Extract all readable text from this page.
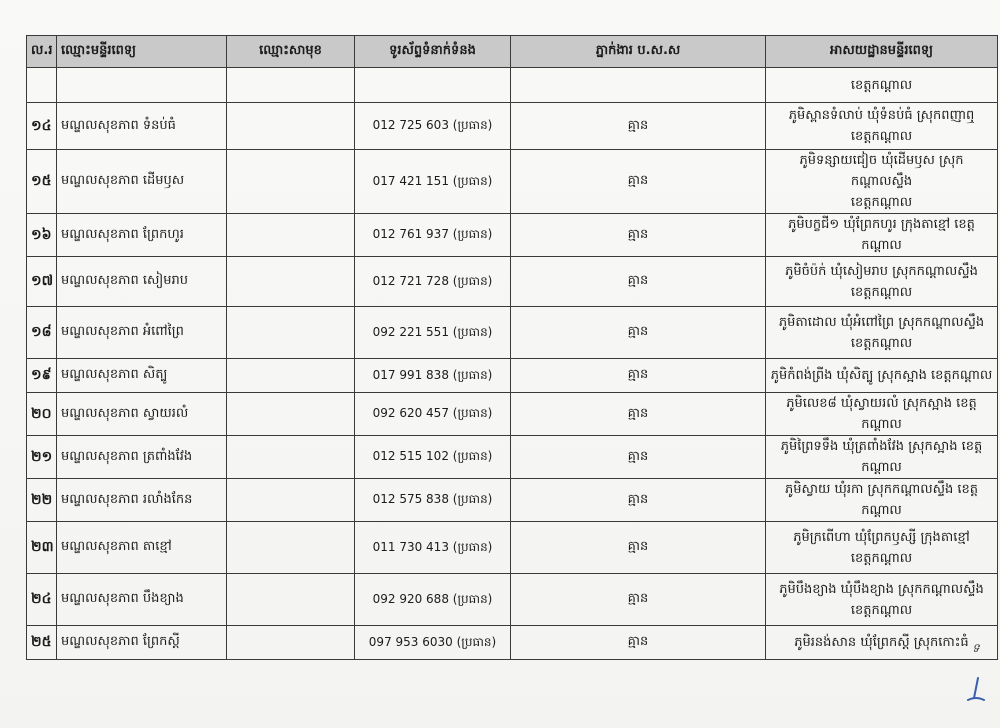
ល.រ	ឈ្មោះមន្ទីរពេទ្យ	ឈ្មោះសាមុខ	ទូរស័ព្ទទំនាក់ទំនង	ភ្នាក់ងារ ប.ស.ស	អាសយដ្ឋានមន្ទីរពេទ្យ

					ខេត្តកណ្ដាល

១៤	មណ្ឌលសុខភាព ទំនប់ធំ		012 725 603 (ប្រធាន)	គ្មាន	ភូមិស្ពានទំលាប់ ឃុំទំនប់ធំ ស្រុកពញាឮ
ខេត្តកណ្ដាល

១៥	មណ្ឌលសុខភាព ដើមឫស		017 421 151 (ប្រធាន)	គ្មាន	ភូមិទន្សាយជៀច ឃុំដើមឫស ស្រុកកណ្ដាលស្ទឹង
ខេត្តកណ្ដាល

១៦	មណ្ឌលសុខភាព ព្រែកហូរ		012 761 937 (ប្រធាន)	គ្មាន	ភូមិបក្ខជី១ ឃុំព្រែកហូរ ក្រុងតាខ្មៅ ខេត្តកណ្ដាល

១៧	មណ្ឌលសុខភាព សៀមរាប		012 721 728 (ប្រធាន)	គ្មាន	ភូមិចំប៉ក់ ឃុំសៀមរាប ស្រុកកណ្ដាលស្ទឹង
ខេត្តកណ្ដាល

១៨	មណ្ឌលសុខភាព អំពៅព្រៃ		092 221 551 (ប្រធាន)	គ្មាន	ភូមិតាដោល ឃុំអំពៅព្រៃ ស្រុកកណ្ដាលស្ទឹង
ខេត្តកណ្ដាល

១៩	មណ្ឌលសុខភាព សិត្បូ		017 991 838 (ប្រធាន)	គ្មាន	ភូមិកំពង់ព្រីង ឃុំសិត្បូ ស្រុកស្អាង ខេត្តកណ្ដាល

២០	មណ្ឌលសុខភាព ស្វាយរលំ		092 620 457 (ប្រធាន)	គ្មាន	ភូមិលេខ៨ ឃុំស្វាយរលំ ស្រុកស្អាង ខេត្តកណ្ដាល

២១	មណ្ឌលសុខភាព ត្រពាំងវែង		012 515 102 (ប្រធាន)	គ្មាន	ភូមិព្រៃទទឹង ឃុំត្រពាំងវែង ស្រុកស្អាង ខេត្តកណ្ដាល

២២	មណ្ឌលសុខភាព រលាំងកែន		012 575 838 (ប្រធាន)	គ្មាន	ភូមិស្វាយ ឃុំរកា ស្រុកកណ្ដាលស្ទឹង ខេត្តកណ្ដាល

២៣	មណ្ឌលសុខភាព តាខ្មៅ		011 730 413 (ប្រធាន)	គ្មាន	ភូមិក្រពើហា ឃុំព្រែកឫស្សី ក្រុងតាខ្មៅ
ខេត្តកណ្ដាល

២៤	មណ្ឌលសុខភាព បឹងខ្យាង		092 920 688 (ប្រធាន)	គ្មាន	ភូមិបឹងខ្យាង ឃុំបឹងខ្យាង ស្រុកកណ្ដាលស្ទឹង
ខេត្តកណ្ដាល

២៥	មណ្ឌលសុខភាព ព្រែកស្ដី		097 953 6030 (ប្រធាន)	គ្មាន	ភូមិរនង់សាន ឃុំព្រែកស្ដី ស្រុកកោះធំ ទ
